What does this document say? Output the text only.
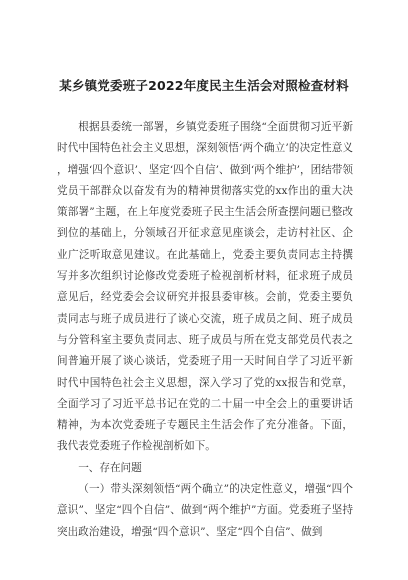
某乡镇党委班子2022年度民主生活会对照检查材料

根据县委统一部署，乡镇党委班子围绕“全面贯彻习近平新时代中国特色社会主义思想，深刻领悟‘两个确立’的决定性意义，增强‘四个意识’、坚定‘四个自信’、做到‘两个维护’，团结带领党员干部群众以奋发有为的精神贯彻落实党的xx作出的重大决策部署”主题，在上年度党委班子民主生活会所查摆问题已整改到位的基础上，分领域召开征求意见座谈会，走访村社区、企业广泛听取意见建议。在此基础上，党委主要负责同志主持撰写并多次组织讨论修改党委班子检视剖析材料，征求班子成员意见后，经党委会会议研究并报县委审核。会前，党委主要负责同志与班子成员进行了谈心交流，班子成员之间、班子成员与分管科室主要负责同志、班子成员与所在党支部党员代表之间普遍开展了谈心谈话，党委班子用一天时间自学了习近平新时代中国特色社会主义思想，深入学习了党的xx报告和党章，全面学习了习近平总书记在党的二十届一中全会上的重要讲话精神，为本次党委班子专题民主生活会作了充分准备。下面，我代表党委班子作检视剖析如下。

一、存在问题

（一）带头深刻领悟“两个确立”的决定性意义，增强“四个意识”、坚定“四个自信”、做到“两个维护”方面。党委班子坚持突出政治建设，增强“四个意识”、坚定“四个自信”、做到
